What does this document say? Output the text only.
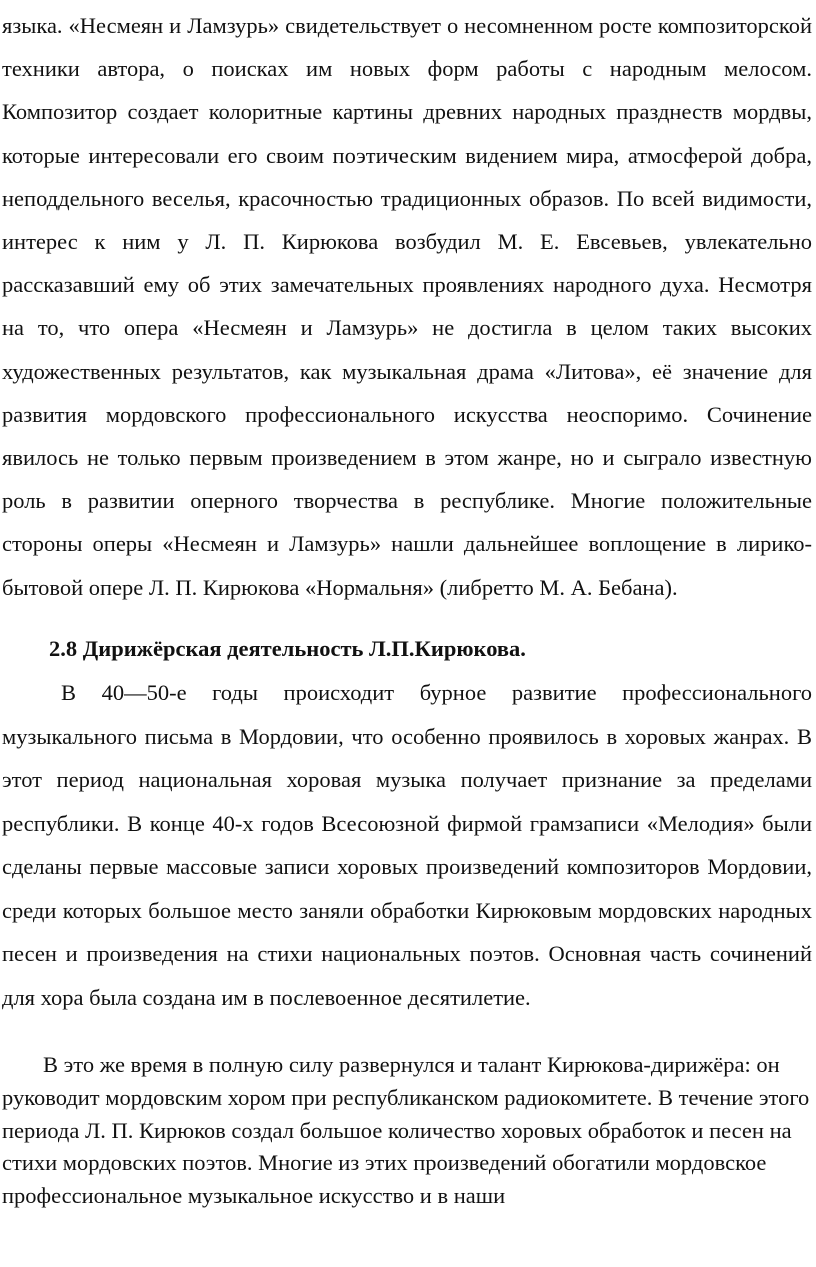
языка. «Несмеян и Ламзурь» свидетельствует о несомненном росте композиторской техники автора, о поисках им новых форм работы с народным мелосом. Композитор создает колоритные картины древних народных празднеств мордвы, которые интересовали его своим поэтическим видением мира, атмосферой добра, неподдельного веселья, красочностью традиционных образов. По всей видимости, интерес к ним у Л. П. Кирюкова возбудил М. Е. Евсевьев, увлекательно рассказавший ему об этих замечательных проявлениях народного духа. Несмотря на то, что опера «Несмеян и Ламзурь» не достигла в целом таких высоких художественных результатов, как музыкальная драма «Литова», её значение для развития мордовского профессионального искусства неоспоримо. Сочинение явилось не только первым произведением в этом жанре, но и сыграло известную роль в развитии оперного творчества в республике. Многие положительные стороны оперы «Несмеян и Ламзурь» нашли дальнейшее воплощение в лирико-бытовой опере Л. П. Кирюкова «Нормальня» (либретто М. А. Бебана).

2.8 Дирижёрская деятельность Л.П.Кирюкова.

В 40—50-е годы происходит бурное развитие профессионального музыкального письма в Мордовии, что особенно проявилось в хоровых жанрах. В этот период национальная хоровая музыка получает признание за пределами республики. В конце 40-х годов Всесоюзной фирмой грамзаписи «Мелодия» были сделаны первые массовые записи хоровых произведений композиторов Мордовии, среди которых большое место заняли обработки Кирюковым мордовских народных песен и произведения на стихи национальных поэтов. Основная часть сочинений для хора была создана им в послевоенное десятилетие.

В это же время в полную силу развернулся и талант Кирюкова-дирижёра: он руководит мордовским хором при республиканском радиокомитете. В течение этого периода Л. П. Кирюков создал большое количество хоровых обработок и песен на стихи мордовских поэтов. Многие из этих произведений обогатили мордовское профессиональное музыкальное искусство и в наши
